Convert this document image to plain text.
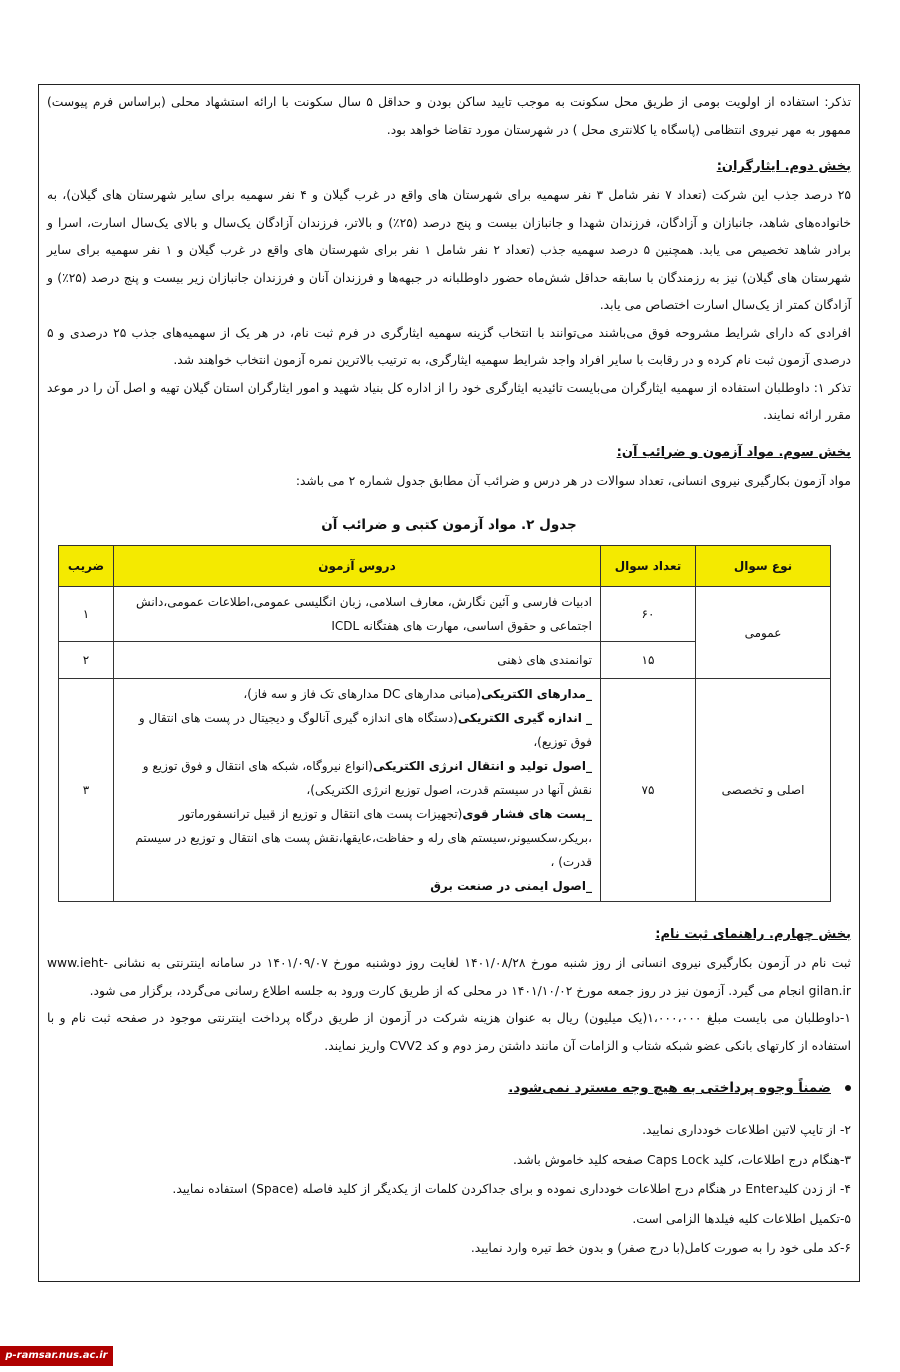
تذکر: استفاده از اولویت بومی از طریق محل سکونت به موجب تایید ساکن بودن و حداقل ۵ سال سکونت با ارائه استشهاد محلی (براساس فرم پیوست) ممهور به مهر نیروی انتظامی (پاسگاه یا کلانتری محل ) در شهرستان مورد تقاضا خواهد بود.

بخش دوم. ایثارگران:

۲۵ درصد جذب این شرکت (تعداد ۷ نفر شامل ۳ نفر سهمیه برای شهرستان های واقع در غرب گیلان و ۴ نفر سهمیه برای سایر شهرستان های گیلان)، به خانواده‌های شاهد، جانبازان و آزادگان، فرزندان شهدا و جانبازان بیست و پنج درصد (۲۵٪) و بالاتر، فرزندان آزادگان یک‌سال و بالای یک‌سال اسارت، اسرا و برادر شاهد تخصیص می یابد. همچنین ۵ درصد سهمیه جذب (تعداد ۲ نفر شامل ۱ نفر برای شهرستان های واقع در غرب گیلان و ۱ نفر سهمیه برای سایر شهرستان های گیلان) نیز به رزمندگان با سابقه حداقل شش‌ماه حضور داوطلبانه در جبهه‌ها و فرزندان آنان و فرزندان جانبازان زیر بیست و پنج درصد (۲۵٪) و آزادگان کمتر از یک‌سال اسارت اختصاص می یابد.

افرادی که دارای شرایط مشروحه فوق می‌باشند می‌توانند با انتخاب گزینه سهمیه ایثارگری در فرم ثبت نام، در هر یک از سهمیه‌های جذب ۲۵ درصدی و ۵ درصدی آزمون ثبت نام کرده و در رقابت با سایر افراد واجد شرایط سهمیه ایثارگری، به ترتیب بالاترین نمره آزمون انتخاب خواهند شد.

تذکر ۱: داوطلبان استفاده از سهمیه ایثارگران می‌بایست تائیدیه ایثارگری خود را از اداره کل بنیاد شهید و امور ایثارگران استان گیلان تهیه و اصل آن را در موعد مقرر ارائه نمایند.

بخش سوم. مواد آزمون و ضرائب آن:

مواد آزمون بکارگیری نیروی انسانی، تعداد سوالات در هر درس و ضرائب آن مطابق جدول شماره ۲ می باشد:

جدول ۲. مواد آزمون کتبی و ضرائب آن

نوع سوال	تعداد سوال	دروس آزمون	ضریب
عمومی	۶۰	ادبیات فارسی و آئین نگارش، معارف اسلامی، زبان انگلیسی عمومی،اطلاعات عمومی،دانش اجتماعی و حقوق اساسی، مهارت های هفتگانه ICDL	۱
	۱۵	توانمندی های ذهنی	۲
اصلی و تخصصی	۷۵	_مدارهای الکتریکی(مبانی مدارهای DC مدارهای تک فاز و سه فاز)،
_ اندازه گیری الکتریکی(دستگاه های اندازه گیری آنالوگ و دیجیتال در پست های انتقال و فوق توزیع)،
_اصول تولید و انتقال انرژی الکتریکی(انواع نیروگاه، شبکه های انتقال و فوق توزیع و نقش آنها در سیستم قدرت، اصول توزیع انرژی الکتریکی)،
_پست های فشار قوی(تجهیزات پست های انتقال و توزیع از قبیل ترانسفورماتور ،بریکر،سکسیونر،سیستم های رله و حفاظت،عایقها،نقش پست های انتقال و توزیع در سیستم قدرت) ،
_اصول ایمنی در صنعت برق	۳

بخش چهارم. راهنمای ثبت نام:

ثبت نام در آزمون بکارگیری نیروی انسانی از روز شنبه مورخ ۱۴۰۱/۰۸/۲۸ لغایت روز دوشنبه مورخ ۱۴۰۱/۰۹/۰۷ در سامانه اینترنتی به نشانی www.ieht-gilan.ir انجام می گیرد. آزمون نیز در روز جمعه مورخ ۱۴۰۱/۱۰/۰۲ در محلی که از طریق کارت ورود به جلسه اطلاع رسانی می‌گردد، برگزار می شود.

۱-داوطلبان می بایست مبلغ ۱،۰۰۰،۰۰۰(یک میلیون) ریال به عنوان هزینه شرکت در آزمون از طریق درگاه پرداخت اینترنتی موجود در صفحه ثبت نام و با استفاده از کارتهای بانکی عضو شبکه شتاب و الزامات آن مانند داشتن رمز دوم و کد CVV2 واریز نمایند.

ضمناً وجوه پرداختی به هیچ وجه مسترد نمی‌شود.

۲- از تایپ لاتین اطلاعات خودداری نمایید.

۳-هنگام درج اطلاعات، کلید Caps Lock صفحه کلید خاموش باشد.

۴- از زدن کلیدEnter در هنگام درج اطلاعات خودداری نموده و برای جداکردن کلمات از یکدیگر از کلید فاصله (Space) استفاده نمایید.

۵-تکمیل اطلاعات کلیه فیلدها الزامی است.

۶-کد ملی خود را به صورت کامل(با درج صفر) و بدون خط تیره وارد نمایید.

p-ramsar.nus.ac.ir
